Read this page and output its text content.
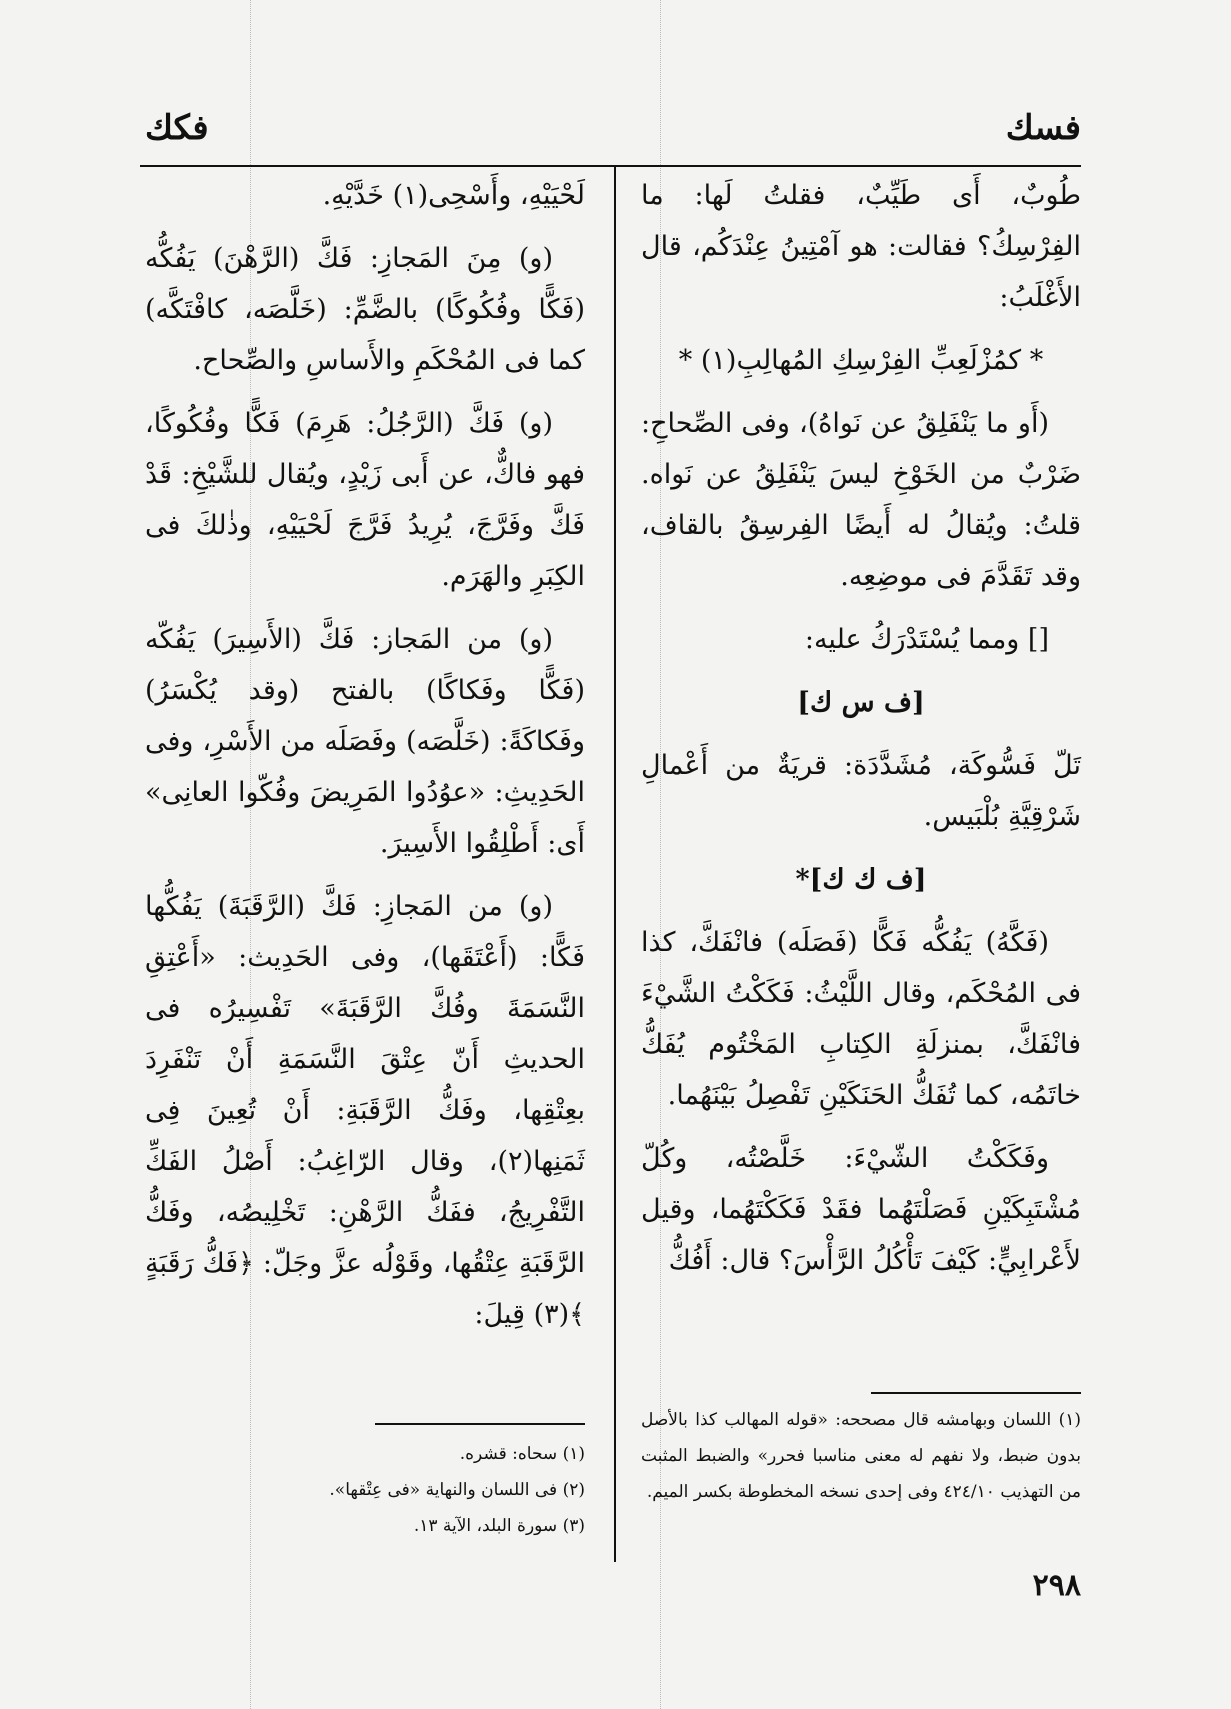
فسك
فكك

طُوبٌ، أَى طَيِّبٌ، فقلتُ لَها: ما الفِرْسِكُ؟ فقالت: هو آمْتِينُ عِنْدَكُم، قال الأَغْلَبُ:

* كمُزْلَعِبِّ الفِرْسِكِ المُهالِبِ(١) *

(أَو ما يَنْفَلِقُ عن نَواهُ)، وفى الصِّحاحِ: ضَرْبٌ من الخَوْخِ ليسَ يَنْفَلِقُ عن نَواه. قلتُ: ويُقالُ له أَيضًا الفِرسِقُ بالقاف، وقد تَقَدَّمَ فى موضِعِه.

[] ومما يُسْتَدْرَكُ عليه:

[ف س ك]

تَلّ فَسُّوكَة، مُشَدَّدَة: قريَةٌ من أَعْمالِ شَرْقِيَّةِ بُلْبَيس.

[ف ك ك]*

(فَكَّهُ) يَفُكُّه فَكًّا (فَصَلَه) فانْفَكَّ، كذا فى المُحْكَم، وقال اللَّيْثُ: فَكَكْتُ الشَّيْءَ فانْفَكَّ، بمنزلَةِ الكِتابِ المَخْتُوم يُفَكُّ خاتَمُه، كما تُفَكُّ الحَنَكَيْنِ تَفْصِلُ بَيْنَهُما.

وفَكَكْتُ الشّيْءَ: خَلَّصْتُه، وكُلّ مُشْتَبِكَيْنِ فَصَلْتَهُما فقَدْ فَكَكْتَهُما، وقيل لأَعْرابِيٍّ: كَيْفَ تَأْكُلُ الرَّأْسَ؟ قال: أَفُكُّ

لَحْيَيْهِ، وأَسْحِى(١) خَدَّيْهِ.

(و) مِنَ المَجازِ: فَكَّ (الرَّهْنَ) يَفُكُّه (فَكًّا وفُكُوكًا) بالضَّمِّ: (خَلَّصَه، كافْتَكَّه) كما فى المُحْكَمِ والأَساسِ والصِّحاح.

(و) فَكَّ (الرَّجُلُ: هَرِمَ) فَكًّا وفُكُوكًا، فهو فاكٌّ، عن أَبى زَيْدٍ، ويُقال للشَّيْخِ: قَدْ فَكَّ وفَرَّجَ، يُرِيدُ فَرَّجَ لَحْيَيْهِ، وذٰلكَ فى الكِبَرِ والهَرَم.

(و) من المَجاز: فَكَّ (الأَسِيرَ) يَفُكّه (فَكًّا وفَكاكًا) بالفتح (وقد يُكْسَرُ) وفَكاكَةً: (خَلَّصَه) وفَصَلَه من الأَسْرِ، وفى الحَدِيثِ: «عوُدُوا المَرِيضَ وفُكّوا العانِى» أَى: أَطْلِقُوا الأَسِيرَ.

(و) من المَجازِ: فَكَّ (الرَّقَبَةَ) يَفُكُّها فَكًّا: (أَعْتَقَها)، وفى الحَدِيث: «أَعْتِقِ النَّسَمَةَ وفُكَّ الرَّقَبَةَ» تَفْسِيرُه فى الحديثِ أَنّ عِتْقَ النَّسَمَةِ أَنْ تَنْفَرِدَ بعِتْقِها، وفَكُّ الرَّقَبَةِ: أَنْ تُعِينَ فِى ثَمَنِها(٢)، وقال الرّاغِبُ: أَصْلُ الفَكِّ التَّفْرِيجُ، ففَكُّ الرَّهْنِ: تَخْلِيصُه، وفَكُّ الرَّقَبَةِ عِتْقُها، وقَوْلُه عزَّ وجَلّ: ﴿فَكُّ رَقَبَةٍ ﴾(٣) قِيلَ:

(١) اللسان وبهامشه قال مصححه: «قوله المهالب كذا بالأصل بدون ضبط، ولا نفهم له معنى مناسبا فحرر» والضبط المثبت من التهذيب ٤٢٤/١٠ وفى إحدى نسخه المخطوطة بكسر الميم.

(١) سحاه: قشره.

(٢) فى اللسان والنهاية «فى عِتْقها».

(٣) سورة البلد، الآية ١٣.

٢٩٨
